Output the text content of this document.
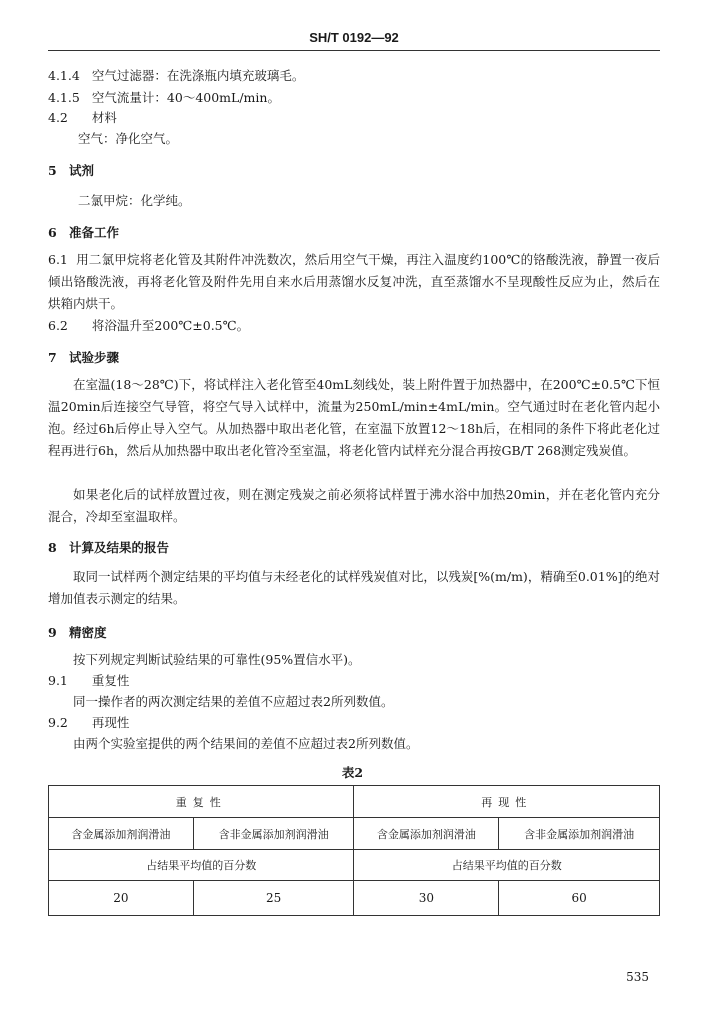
SH/T 0192—92
4.1.4 空气过滤器：在洗涤瓶内填充玻璃毛。
4.1.5 空气流量计：40～400mL/min。
4.2 材料
空气：净化空气。
5 试剂
二氯甲烷：化学纯。
6 准备工作
6.1 用二氯甲烷将老化管及其附件冲洗数次，然后用空气干燥，再注入温度约100℃的铬酸洗液，静置一夜后倾出铬酸洗液，再将老化管及附件先用自来水后用蒸馏水反复冲洗，直至蒸馏水不呈现酸性反应为止，然后在烘箱内烘干。
6.2 将浴温升至200℃±0.5℃。
7 试验步骤
在室温(18～28℃)下，将试样注入老化管至40mL刻线处，装上附件置于加热器中，在200℃±0.5℃下恒温20min后连接空气导管，将空气导入试样中，流量为250mL/min±4mL/min。空气通过时在老化管内起小泡。经过6h后停止导入空气。从加热器中取出老化管，在室温下放置12～18h后，在相同的条件下将此老化过程再进行6h，然后从加热器中取出老化管冷至室温，将老化管内试样充分混合再按GB/T 268测定残炭值。
如果老化后的试样放置过夜，则在测定残炭之前必须将试样置于沸水浴中加热20min，并在老化管内充分混合，冷却至室温取样。
8 计算及结果的报告
取同一试样两个测定结果的平均值与未经老化的试样残炭值对比，以残炭[%(m/m)，精确至0.01%]的绝对增加值表示测定的结果。
9 精密度
按下列规定判断试验结果的可靠性(95%置信水平)。
9.1 重复性
同一操作者的两次测定结果的差值不应超过表2所列数值。
9.2 再现性
由两个实验室提供的两个结果间的差值不应超过表2所列数值。
表2
重复性		再现性	
含金属添加剂润滑油	含非金属添加剂润滑油	含金属添加剂润滑油	含非金属添加剂润滑油
占结果平均值的百分数		占结果平均值的百分数	
20	25	30	60
535
